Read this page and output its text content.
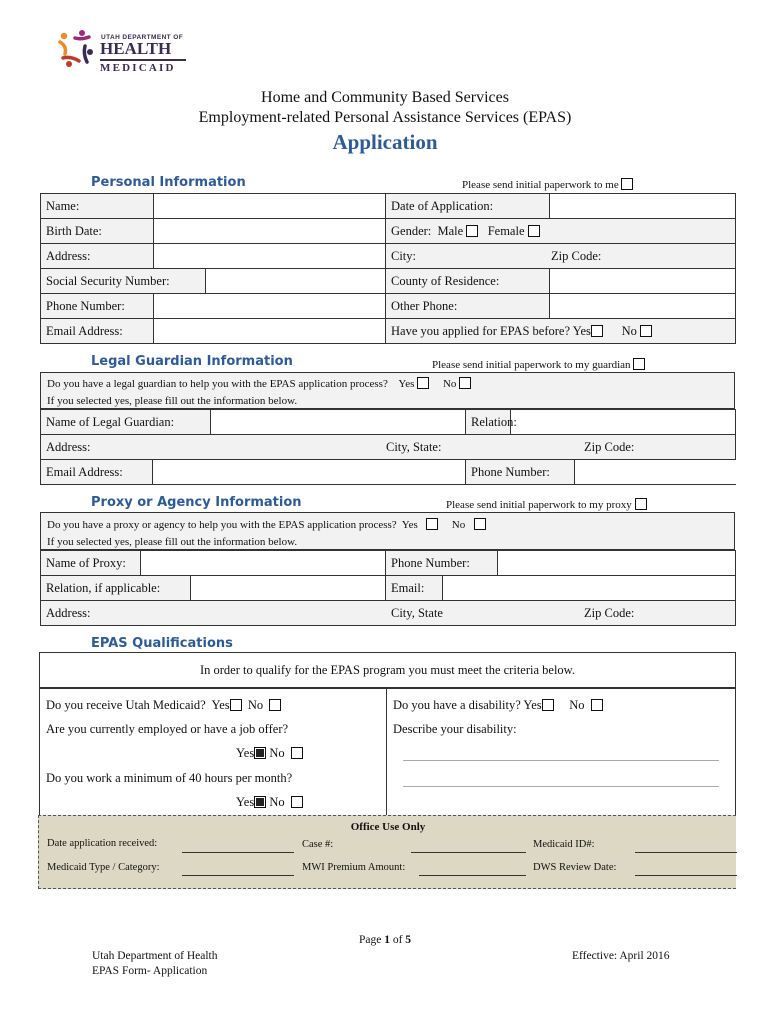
UTAH DEPARTMENT OF
HEALTH
MEDICAID
Home and Community Based Services
Employment-related Personal Assistance Services (EPAS)
Application
Personal Information	Please send initial paperwork to me
Name:			Date of Application:	
Birth Date:			Gender: Male Female	
Address:			City: Zip Code:	

Social Security Number:			County of Residence:	
Phone Number:			Other Phone:	
Email Address:			Have you applied for EPAS before? Yes No	
Legal Guardian Information	Please send initial paperwork to my guardian
Do you have a legal guardian to help you with the EPAS application process? Yes	No
If you selected yes, please fill out the information below.
Name of Legal Guardian:			Relation:	
Address: City, State: Zip Code:				

Email Address:			Phone Number:	
Proxy or Agency Information	Please send initial paperwork to my proxy
Do you have a proxy or agency to help you with the EPAS application process? Yes	No
If you selected yes, please fill out the information below.
Name of Proxy:			Phone Number:		
Relation, if applicable:			Email:		
Address: City, State Zip Code:					
EPAS Qualifications
In order to qualify for the EPAS program you must meet the criteria below.
Do you receive Utah Medicaid? Yes No
Are you currently employed or have a job offer?
Yes No
Do you work a minimum of 40 hours per month?
Yes No
Do you have a disability? Yes No
Describe your disability:
Office Use Only
Date application received:	Case #:	Medicaid ID#:
Medicaid Type / Category:	MWI Premium Amount:	DWS Review Date:
Page 1 of 5
Utah Department of Health
EPAS Form- Application
Effective: April 2016
